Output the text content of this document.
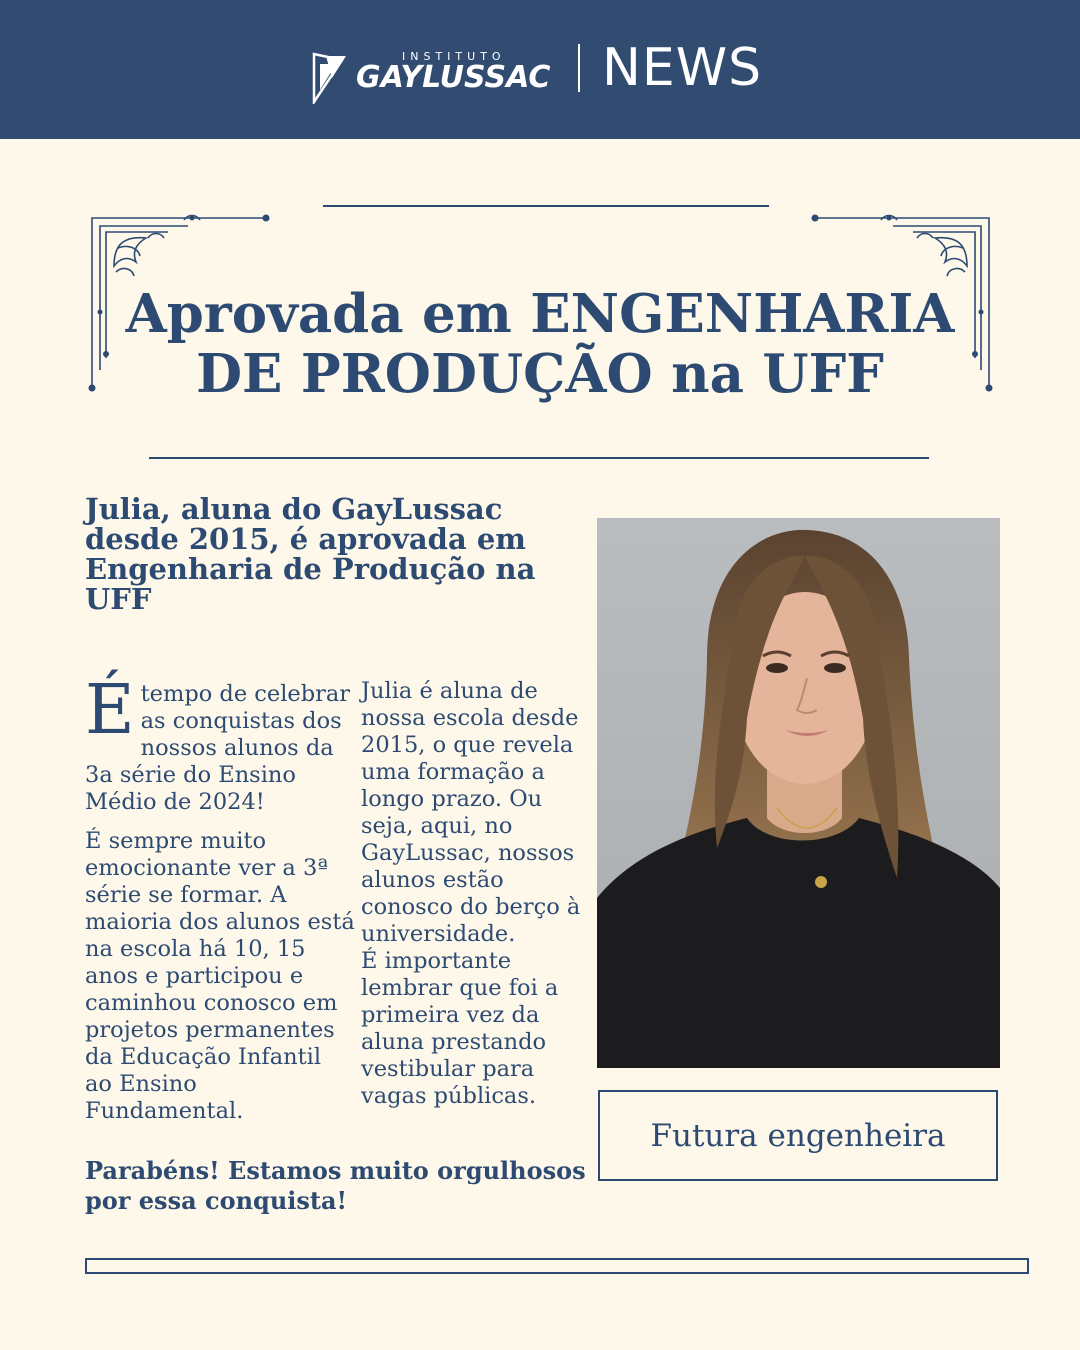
INSTITUTO
GAYLUSSAC NEWS
Aprovada em ENGENHARIA
DE PRODUÇÃO na UFF
Julia, aluna do GayLussac desde 2015, é aprovada em Engenharia de Produção na UFF

Étempo de celebrar as conquistas dos nossos alunos da 3a série do Ensino Médio de 2024!

É sempre muito emocionante ver a 3ª série se formar. A maioria dos alunos está na escola há 10, 15 anos e participou e caminhou conosco em projetos permanentes da Educação Infantil ao Ensino Fundamental.

Julia é aluna de nossa escola desde 2015, o que revela uma formação a longo prazo. Ou seja, aqui, no GayLussac, nossos alunos estão conosco do berço à universidade.

É importante lembrar que foi a primeira vez da aluna prestando vestibular para vagas públicas.

Parabéns! Estamos muito orgulhosos por essa conquista!

Futura engenheira
